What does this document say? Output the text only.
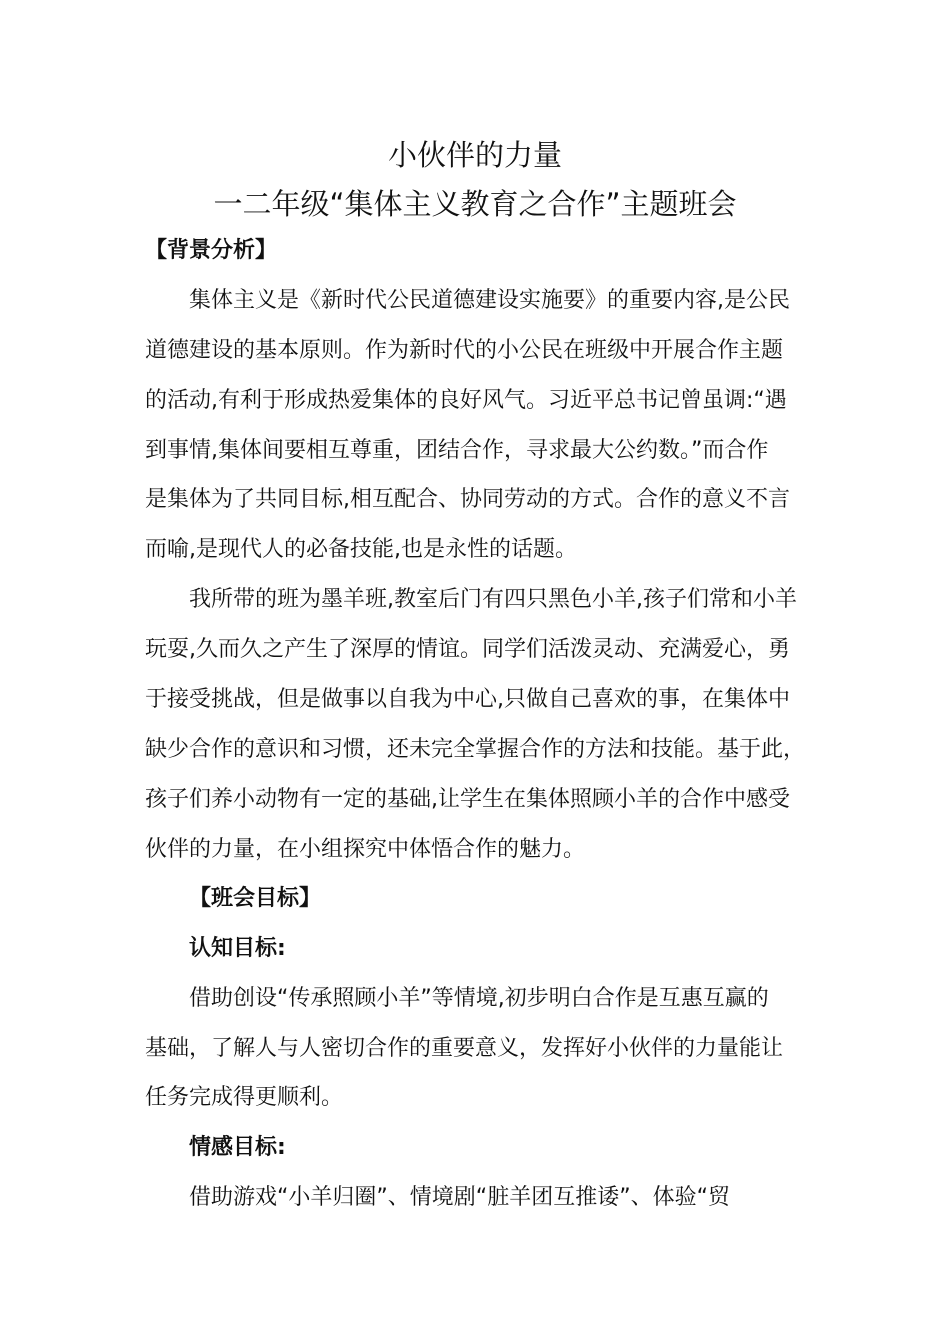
小伙伴的力量
一二年级“集体主义教育之合作”主题班会
【背景分析】
集体主义是《新时代公民道德建设实施要》的重要内容,是公民
道德建设的基本原则。作为新时代的小公民在班级中开展合作主题
的活动,有利于形成热爱集体的良好风气。习近平总书记曾虽调:“遇
到事情,集体间要相互尊重，团结合作，寻求最大公约数。”而合作
是集体为了共同目标,相互配合、协同劳动的方式。合作的意义不言
而喻,是现代人的必备技能,也是永性的话题。
我所带的班为墨羊班,教室后门有四只黑色小羊,孩子们常和小羊
玩耍,久而久之产生了深厚的情谊。同学们活泼灵动、充满爱心，勇
于接受挑战，但是做事以自我为中心,只做自己喜欢的事，在集体中
缺少合作的意识和习惯，还未完全掌握合作的方法和技能。基于此，
孩子们养小动物有一定的基础,让学生在集体照顾小羊的合作中感受
伙伴的力量，在小组探究中体悟合作的魅力。
【班会目标】
认知目标:
借助创设“传承照顾小羊”等情境,初步明白合作是互惠互赢的
基础，了解人与人密切合作的重要意义，发挥好小伙伴的力量能让
任务完成得更顺利。
情感目标:
借助游戏“小羊归圈”、情境剧“脏羊团互推诿”、体验“贸
